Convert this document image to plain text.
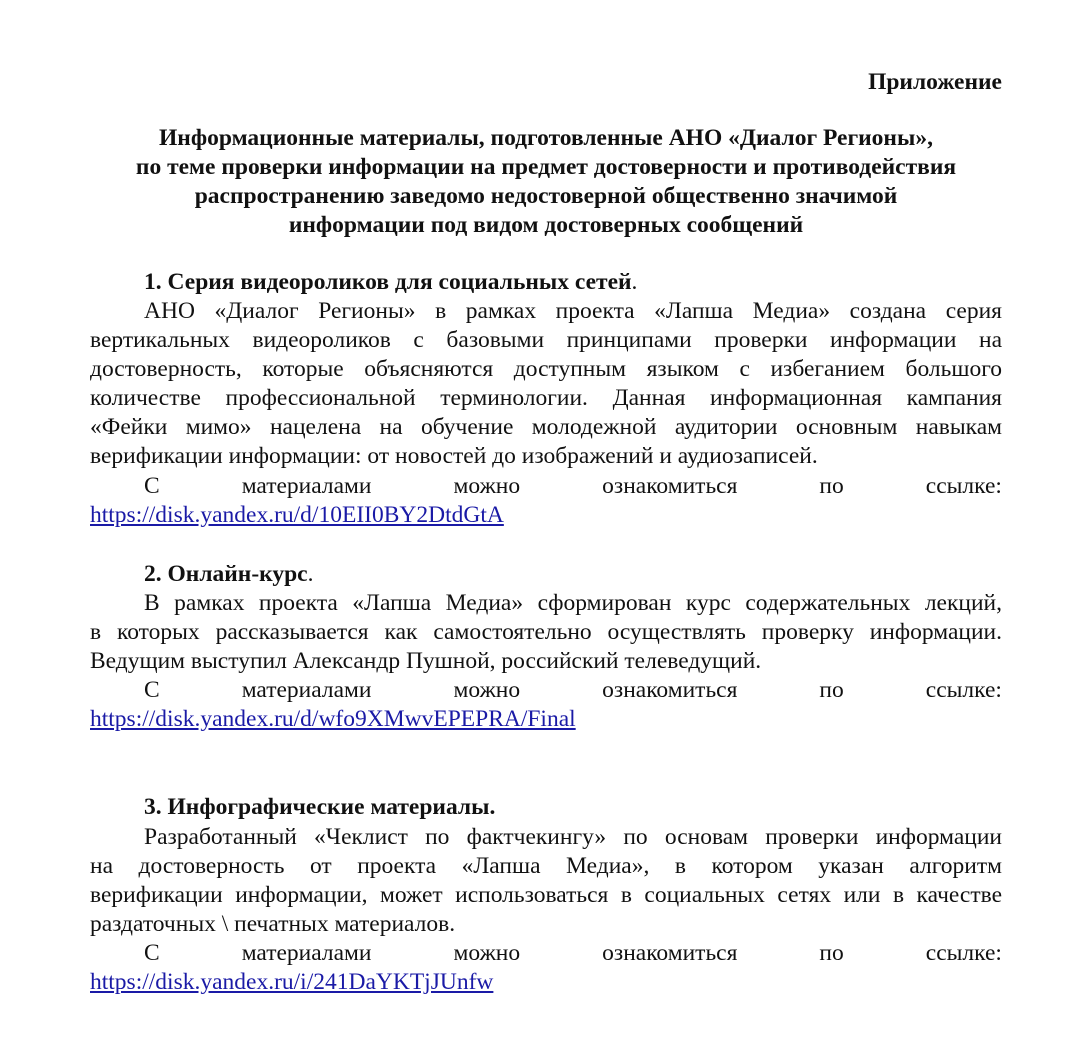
Приложение
Информационные материалы, подготовленные АНО «Диалог Регионы»,
по теме проверки информации на предмет достоверности и противодействия
распространению заведомо недостоверной общественно значимой
информации под видом достоверных сообщений
1. Серия видеороликов для социальных сетей.
АНО «Диалог Регионы» в рамках проекта «Лапша Медиа» создана серия
вертикальных видеороликов с базовыми принципами проверки информации на
достоверность, которые объясняются доступным языком с избеганием большого
количестве профессиональной терминологии. Данная информационная кампания
«Фейки мимо» нацелена на обучение молодежной аудитории основным навыкам
верификации информации: от новостей до изображений и аудиозаписей.
С	материалами	можно	ознакомиться	по	ссылке:
https://disk.yandex.ru/d/10EII0BY2DtdGtA
2. Онлайн-курс.
В рамках проекта «Лапша Медиа» сформирован курс содержательных лекций,
в которых рассказывается как самостоятельно осуществлять проверку информации.
Ведущим выступил Александр Пушной, российский телеведущий.
С	материалами	можно	ознакомиться	по	ссылке:
https://disk.yandex.ru/d/wfo9XMwvEPEPRA/Final
3. Инфографические материалы.
Разработанный «Чеклист по фактчекингу» по основам проверки информации
на достоверность от проекта «Лапша Медиа», в котором указан алгоритм
верификации информации, может использоваться в социальных сетях или в качестве
раздаточных \ печатных материалов.
С	материалами	можно	ознакомиться	по	ссылке:
https://disk.yandex.ru/i/241DaYKTjJUnfw
